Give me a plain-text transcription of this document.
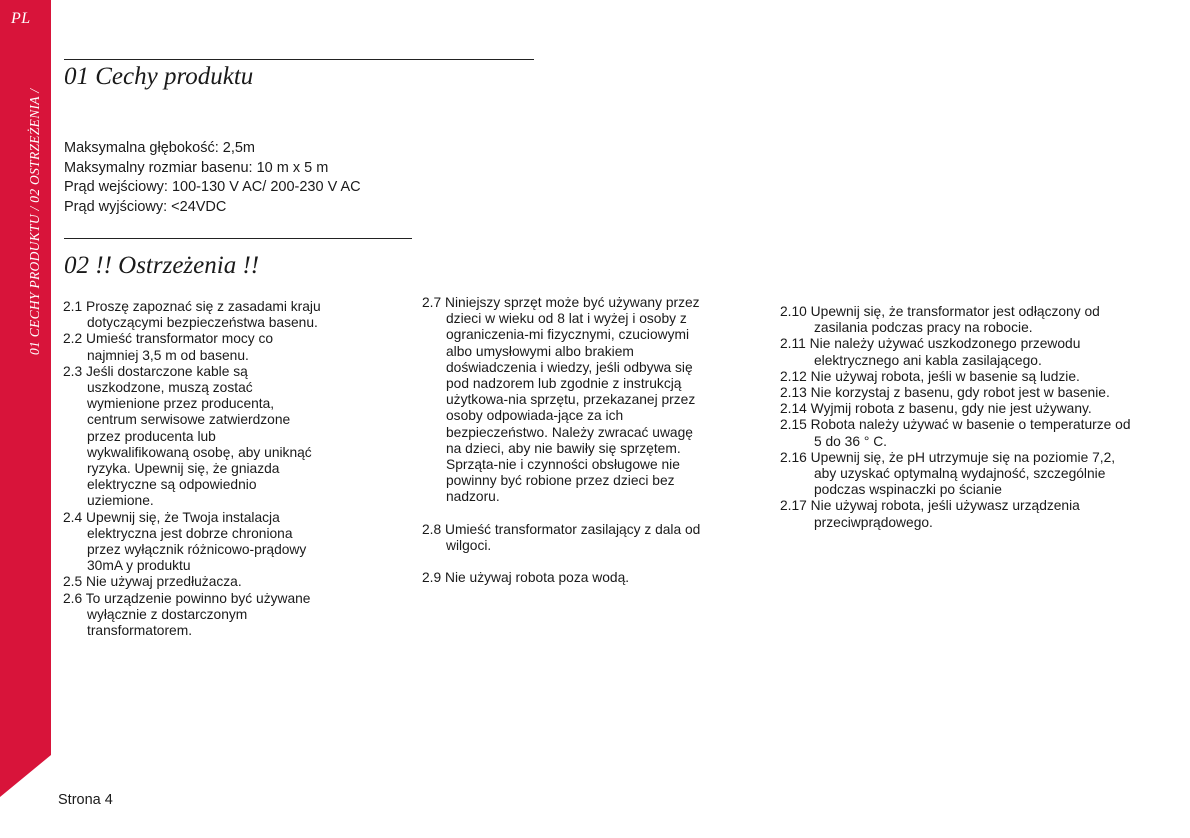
PL
01 CECHY PRODUKTU / 02 OSTRZEŻENIA /
01 Cechy produktu
Maksymalna głębokość: 2,5m
Maksymalny rozmiar basenu: 10 m x 5 m
Prąd wejściowy: 100-130 V AC/ 200-230 V AC
Prąd wyjściowy: <24VDC
02 !! Ostrzeżenia !!
2.1 Proszę zapoznać się z zasadami kraju dotyczącymi bezpieczeństwa basenu.
2.2 Umieść transformator mocy co najmniej 3,5 m od basenu.
2.3 Jeśli dostarczone kable są uszkodzone, muszą zostać wymienione przez producenta, centrum serwisowe zatwierdzone przez producenta lub wykwalifikowaną osobę, aby uniknąć ryzyka. Upewnij się, że gniazda elektryczne są odpowiednio uziemione.
2.4 Upewnij się, że Twoja instalacja elektryczna jest dobrze chroniona przez wyłącznik różnicowo-prądowy 30mA y produktu
2.5 Nie używaj przedłużacza.
2.6 To urządzenie powinno być używane wyłącznie z dostarczonym transformatorem.
2.7 Niniejszy sprzęt może być używany przez dzieci w wieku od 8 lat i wyżej i osoby z ograniczenia-mi fizycznymi, czuciowymi albo umysłowymi albo brakiem doświadczenia i wiedzy, jeśli odbywa się pod nadzorem lub zgodnie z instrukcją użytkowa-nia sprzętu, przekazanej przez osoby odpowiada-jące za ich bezpieczeństwo. Należy zwracać uwagę na dzieci, aby nie bawiły się sprzętem. Sprząta-nie i czynności obsługowe nie powinny być robione przez dzieci bez nadzoru.
2.8 Umieść transformator zasilający z dala od wilgoci.
2.9 Nie używaj robota poza wodą.
2.10 Upewnij się, że transformator jest odłączony od zasilania podczas pracy na robocie.
2.11 Nie należy używać uszkodzonego przewodu elektrycznego ani kabla zasilającego.
2.12 Nie używaj robota, jeśli w basenie są ludzie.
2.13 Nie korzystaj z basenu, gdy robot jest w basenie.
2.14 Wyjmij robota z basenu, gdy nie jest używany.
2.15 Robota należy używać w basenie o temperaturze od 5 do 36 ° C.
2.16 Upewnij się, że pH utrzymuje się na poziomie 7,2, aby uzyskać optymalną wydajność, szczególnie podczas wspinaczki po ścianie
2.17 Nie używaj robota, jeśli używasz urządzenia przeciwprądowego.
Strona 4
